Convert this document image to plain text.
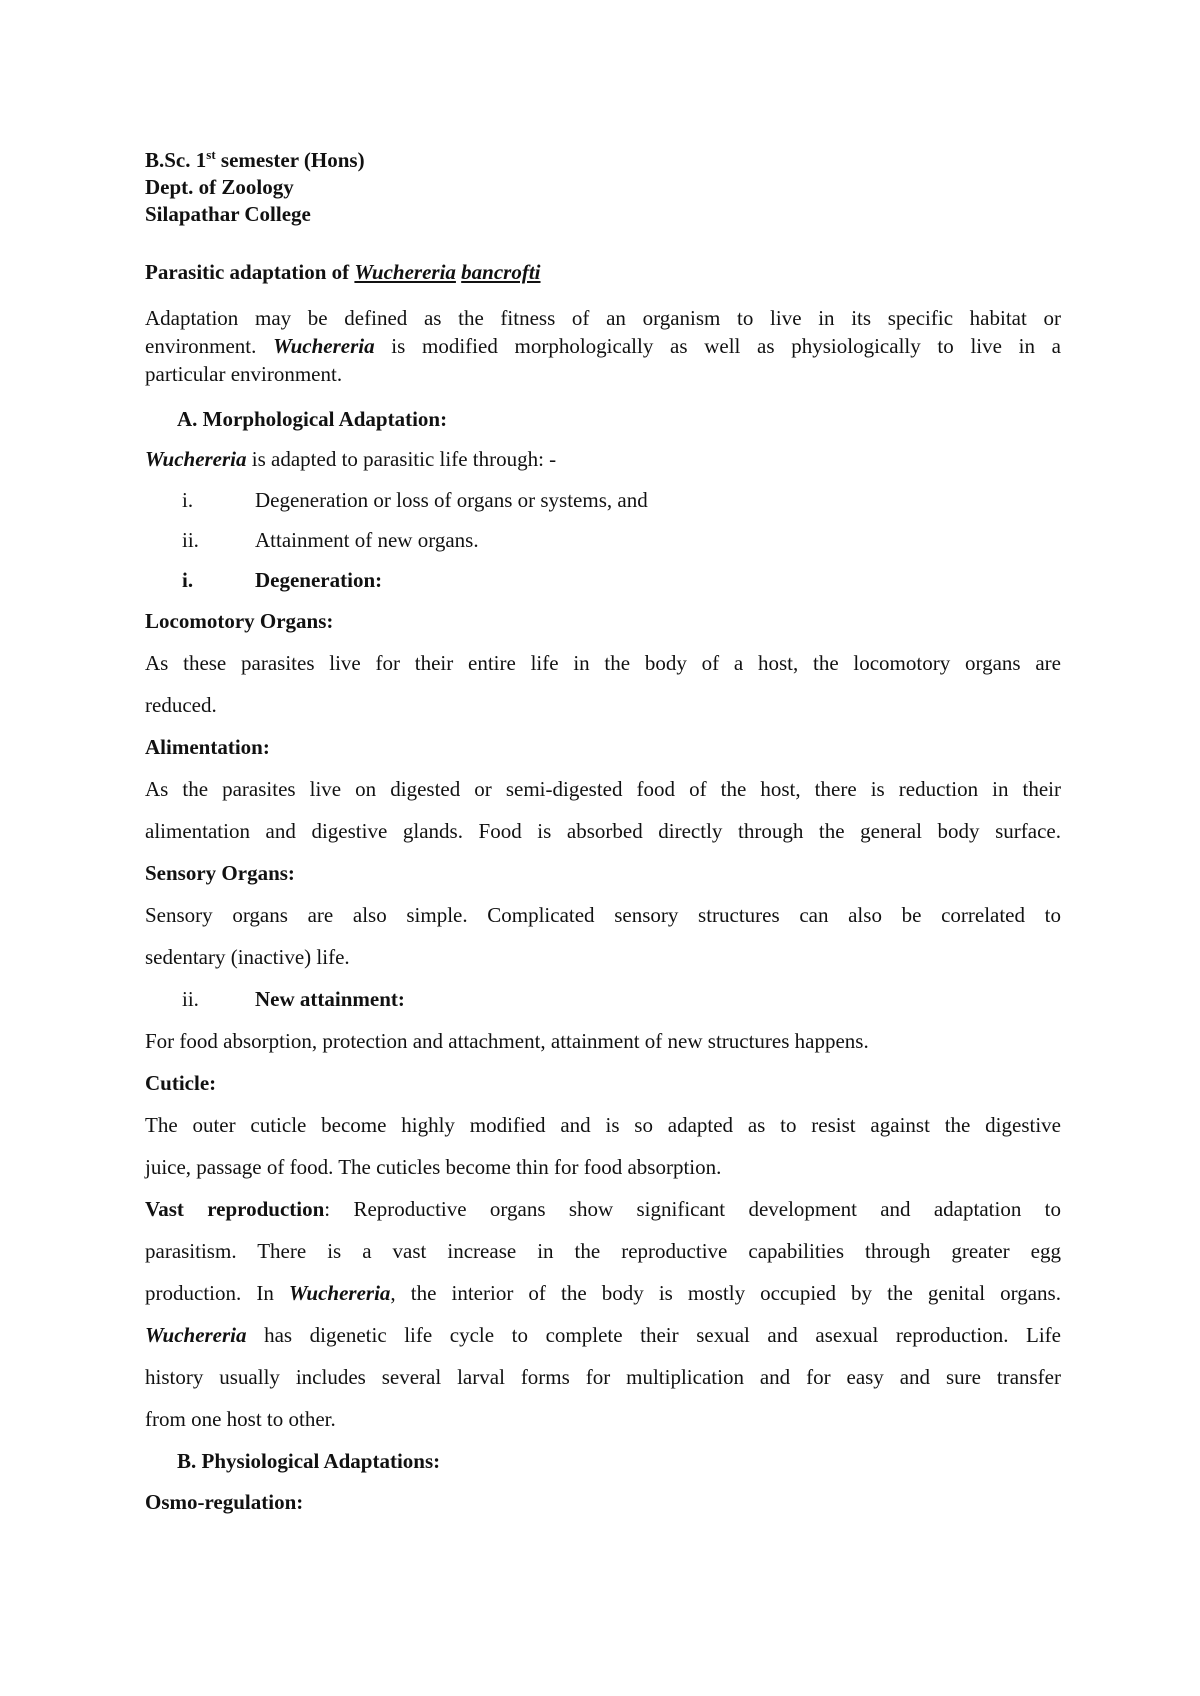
B.Sc. 1st semester (Hons)
Dept. of Zoology
Silapathar College
Parasitic adaptation of Wuchereria bancrofti
Adaptation may be defined as the fitness of an organism to live in its specific habitat or
environment. Wuchereria is modified morphologically as well as physiologically to live in a
particular environment.
A. Morphological Adaptation:
Wuchereria is adapted to parasitic life through: -
i.	Degeneration or loss of organs or systems, and
ii.	Attainment of new organs.
i.	Degeneration:
Locomotory Organs:
As these parasites live for their entire life in the body of a host, the locomotory organs are
reduced.
Alimentation:
As the parasites live on digested or semi-digested food of the host, there is reduction in their
alimentation and digestive glands. Food is absorbed directly through the general body surface.
Sensory Organs:
Sensory organs are also simple. Complicated sensory structures can also be correlated to
sedentary (inactive) life.
ii.	New attainment:
For food absorption, protection and attachment, attainment of new structures happens.
Cuticle:
The outer cuticle become highly modified and is so adapted as to resist against the digestive
juice, passage of food. The cuticles become thin for food absorption.
Vast reproduction: Reproductive organs show significant development and adaptation to
parasitism. There is a vast increase in the reproductive capabilities through greater egg
production. In Wuchereria, the interior of the body is mostly occupied by the genital organs.
Wuchereria has digenetic life cycle to complete their sexual and asexual reproduction. Life
history usually includes several larval forms for multiplication and for easy and sure transfer
from one host to other.
B. Physiological Adaptations:
Osmo-regulation:
